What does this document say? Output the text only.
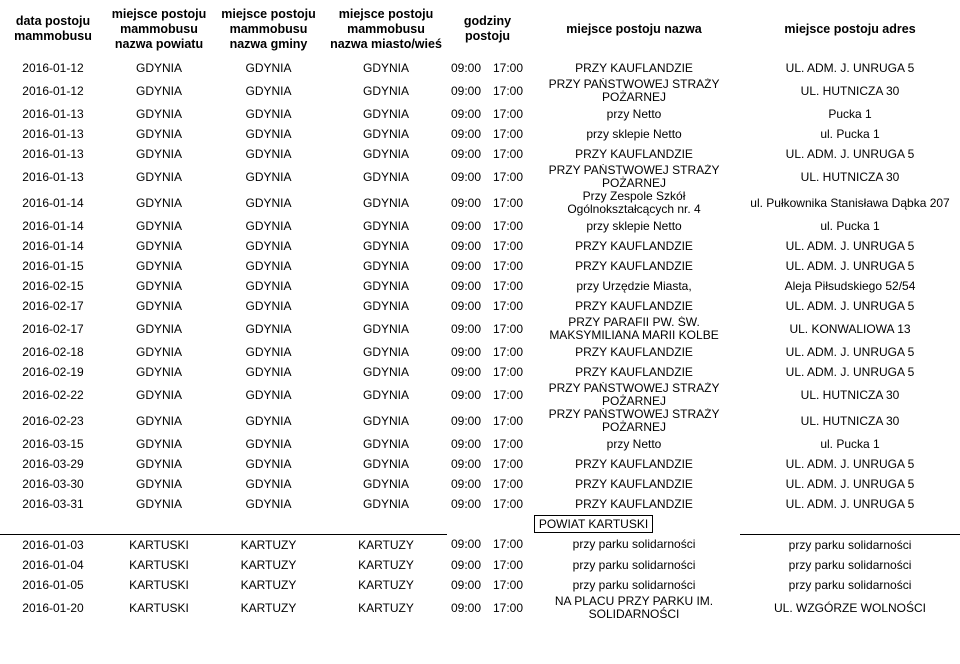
data postoju mammobusu	miejsce postoju mammobusu nazwa powiatu	miejsce postoju mammobusu nazwa gminy	miejsce postoju mammobusu nazwa miasto/wieś	godziny postoju		miejsce postoju nazwa	miejsce postoju adres
2016-01-12	GDYNIA	GDYNIA	GDYNIA	09:00	17:00	PRZY KAUFLANDZIE	UL. ADM. J. UNRUGA 5
2016-01-12	GDYNIA	GDYNIA	GDYNIA	09:00	17:00	PRZY PAŃSTWOWEJ STRAŻY POŻARNEJ	UL. HUTNICZA 30
2016-01-13	GDYNIA	GDYNIA	GDYNIA	09:00	17:00	przy Netto	Pucka 1
2016-01-13	GDYNIA	GDYNIA	GDYNIA	09:00	17:00	przy sklepie Netto	ul. Pucka 1
2016-01-13	GDYNIA	GDYNIA	GDYNIA	09:00	17:00	PRZY KAUFLANDZIE	UL. ADM. J. UNRUGA 5
2016-01-13	GDYNIA	GDYNIA	GDYNIA	09:00	17:00	PRZY PAŃSTWOWEJ STRAŻY POŻARNEJ	UL. HUTNICZA 30
2016-01-14	GDYNIA	GDYNIA	GDYNIA	09:00	17:00	Przy Zespole Szkół Ogólnokształcących nr. 4	ul. Pułkownika Stanisława Dąbka 207
2016-01-14	GDYNIA	GDYNIA	GDYNIA	09:00	17:00	przy sklepie Netto	ul. Pucka 1
2016-01-14	GDYNIA	GDYNIA	GDYNIA	09:00	17:00	PRZY KAUFLANDZIE	UL. ADM. J. UNRUGA 5
2016-01-15	GDYNIA	GDYNIA	GDYNIA	09:00	17:00	PRZY KAUFLANDZIE	UL. ADM. J. UNRUGA 5
2016-02-15	GDYNIA	GDYNIA	GDYNIA	09:00	17:00	przy Urzędzie Miasta,	Aleja Piłsudskiego 52/54
2016-02-17	GDYNIA	GDYNIA	GDYNIA	09:00	17:00	PRZY KAUFLANDZIE	UL. ADM. J. UNRUGA 5
2016-02-17	GDYNIA	GDYNIA	GDYNIA	09:00	17:00	PRZY PARAFII PW. ŚW. MAKSYMILIANA MARII KOLBE	UL. KONWALIOWA 13
2016-02-18	GDYNIA	GDYNIA	GDYNIA	09:00	17:00	PRZY KAUFLANDZIE	UL. ADM. J. UNRUGA 5
2016-02-19	GDYNIA	GDYNIA	GDYNIA	09:00	17:00	PRZY KAUFLANDZIE	UL. ADM. J. UNRUGA 5
2016-02-22	GDYNIA	GDYNIA	GDYNIA	09:00	17:00	PRZY PAŃSTWOWEJ STRAŻY POŻARNEJ	UL. HUTNICZA 30
2016-02-23	GDYNIA	GDYNIA	GDYNIA	09:00	17:00	PRZY PAŃSTWOWEJ STRAŻY POŻARNEJ	UL. HUTNICZA 30
2016-03-15	GDYNIA	GDYNIA	GDYNIA	09:00	17:00	przy Netto	ul. Pucka 1
2016-03-29	GDYNIA	GDYNIA	GDYNIA	09:00	17:00	PRZY KAUFLANDZIE	UL. ADM. J. UNRUGA 5
2016-03-30	GDYNIA	GDYNIA	GDYNIA	09:00	17:00	PRZY KAUFLANDZIE	UL. ADM. J. UNRUGA 5
2016-03-31	GDYNIA	GDYNIA	GDYNIA	09:00	17:00	PRZY KAUFLANDZIE	UL. ADM. J. UNRUGA 5
				POWIAT KARTUSKI			
2016-01-03	KARTUSKI	KARTUZY	KARTUZY	09:00	17:00	przy parku solidarności	przy parku solidarności
2016-01-04	KARTUSKI	KARTUZY	KARTUZY	09:00	17:00	przy parku solidarności	przy parku solidarności
2016-01-05	KARTUSKI	KARTUZY	KARTUZY	09:00	17:00	przy parku solidarności	przy parku solidarności
2016-01-20	KARTUSKI	KARTUZY	KARTUZY	09:00	17:00	NA PLACU PRZY PARKU IM. SOLIDARNOŚCI	UL. WZGÓRZE WOLNOŚCI
